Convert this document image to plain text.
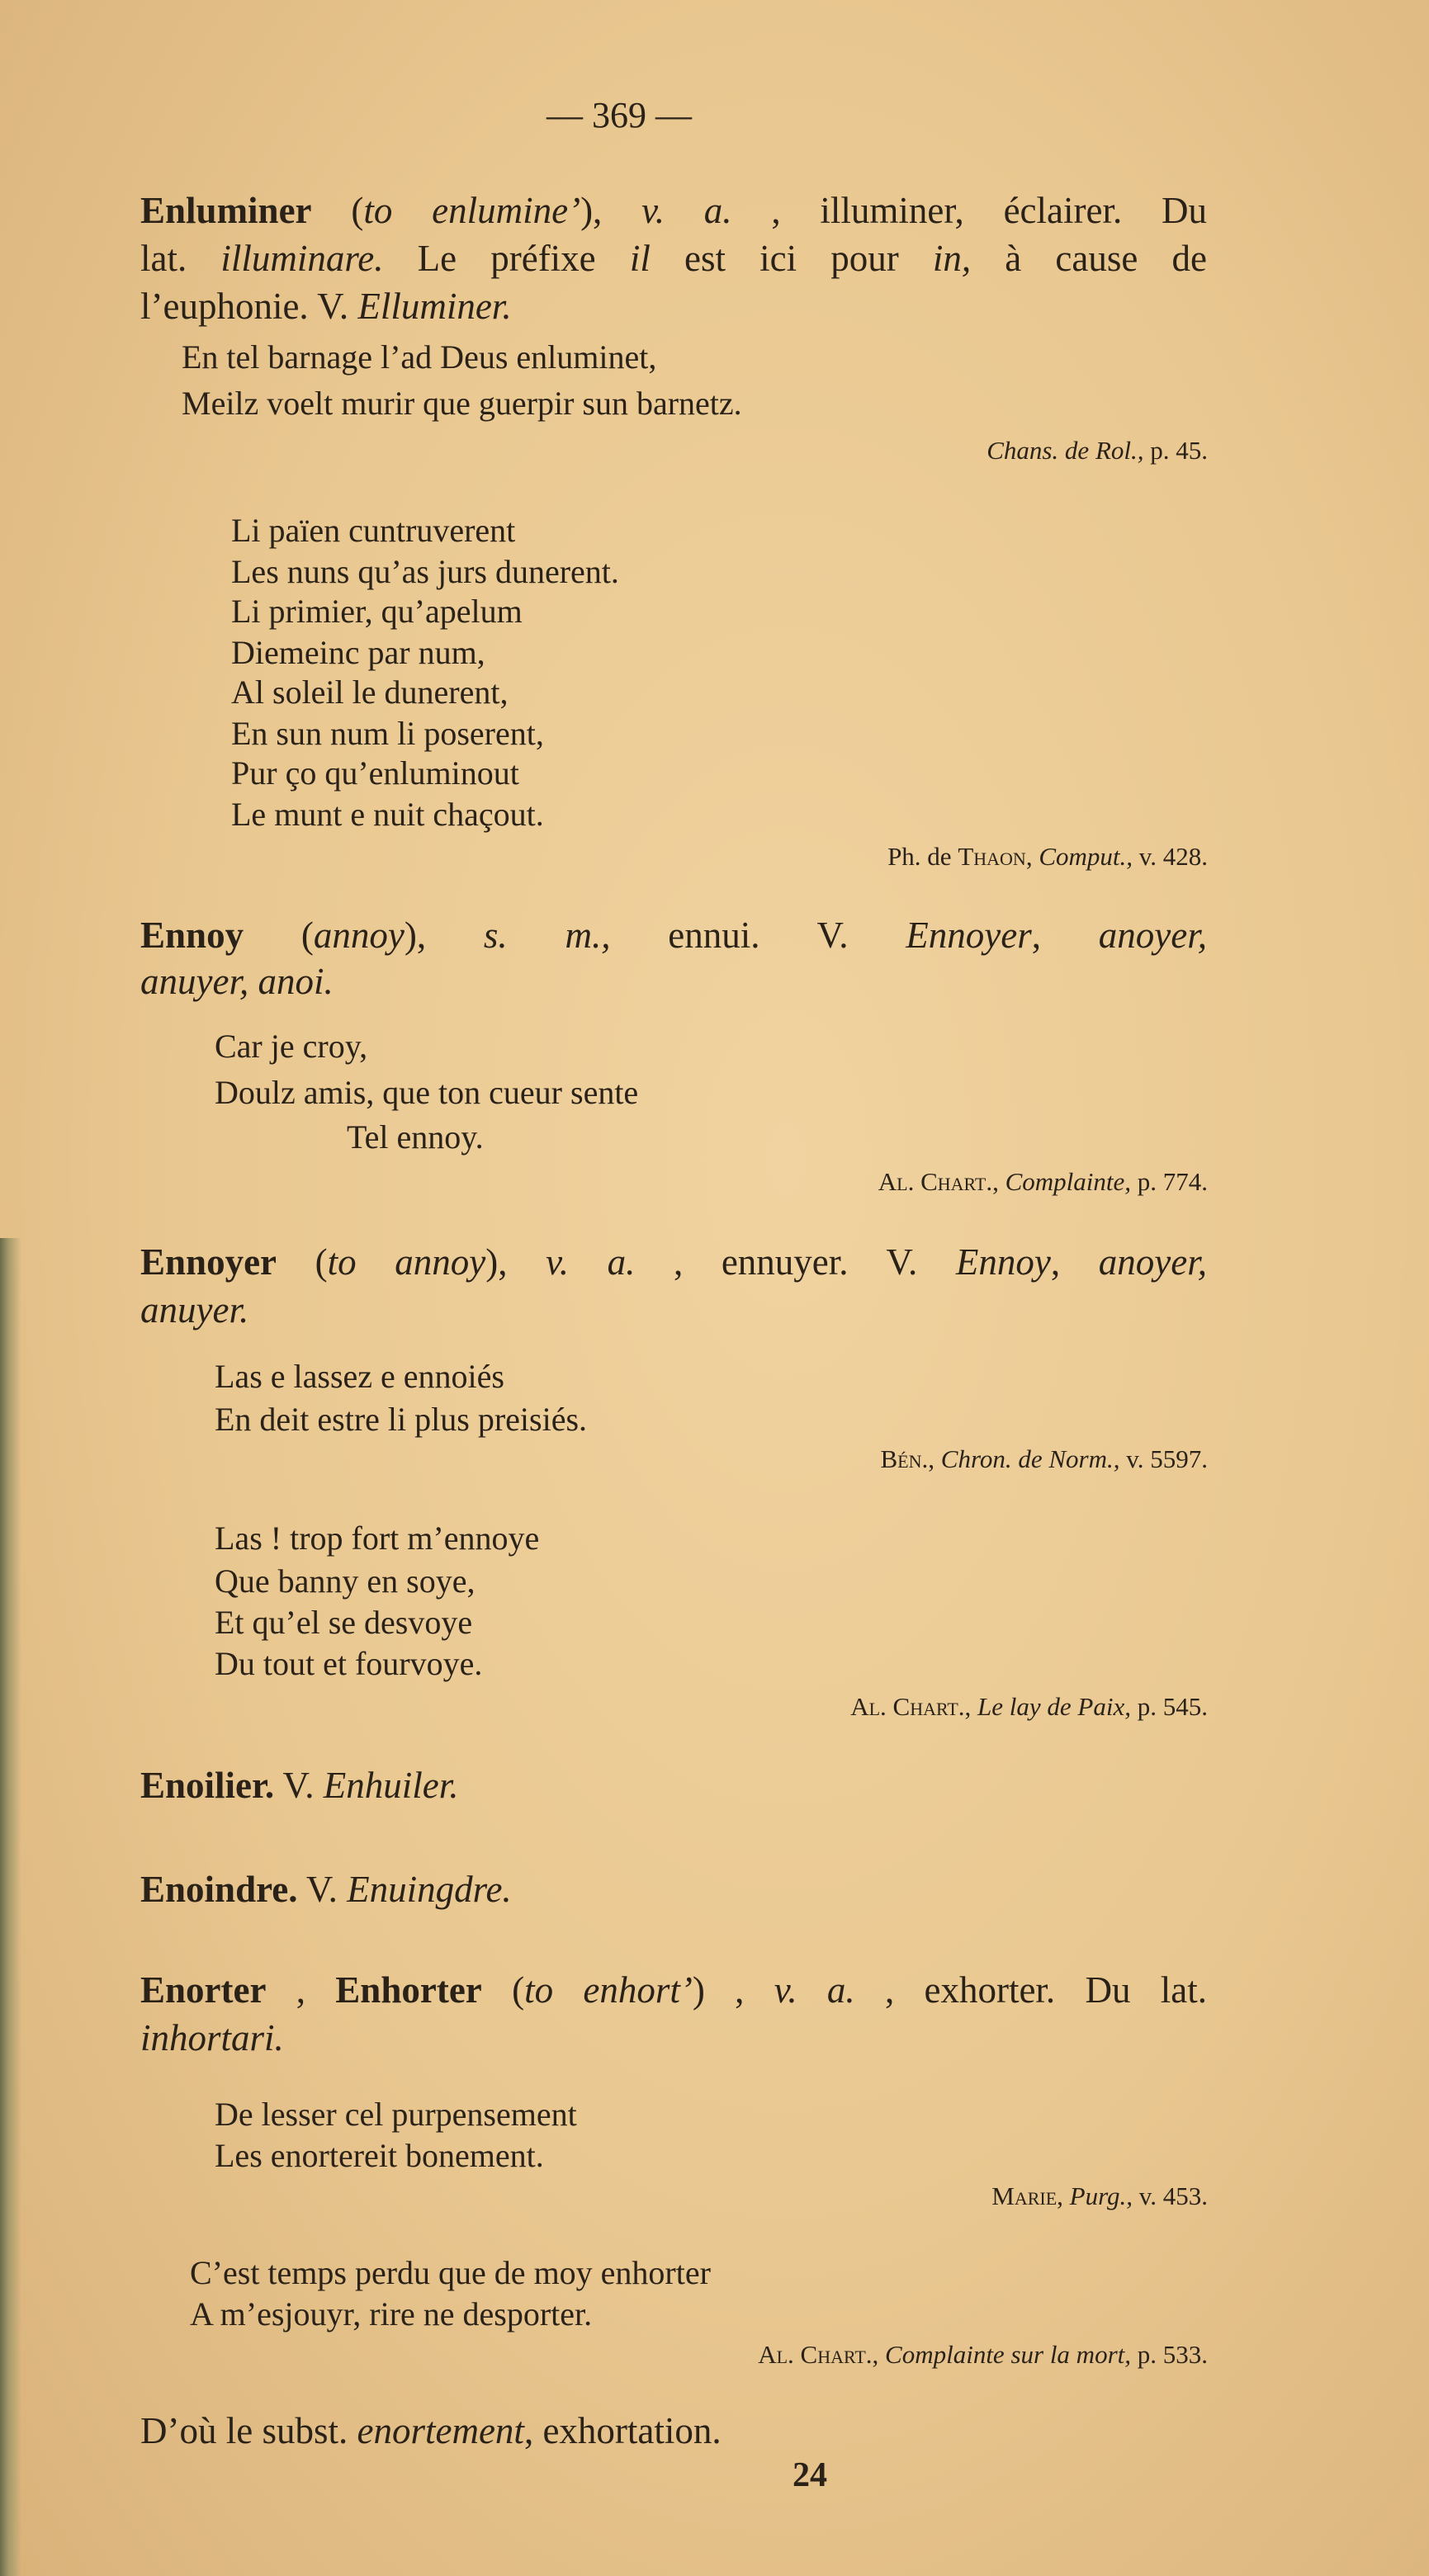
— 369 —
Enluminer (to enlumine’), v. a. , illuminer, éclairer. Du
lat. illuminare. Le préfixe il est ici pour in, à cause de
l’euphonie. V. Elluminer.
En tel barnage l’ad Deus enluminet,
Meilz voelt murir que guerpir sun barnetz.
Chans. de Rol., p. 45.
Li païen cuntruverent
Les nuns qu’as jurs dunerent.
Li primier, qu’apelum
Diemeinc par num,
Al soleil le dunerent,
En sun num li poserent,
Pur ço qu’enluminout
Le munt e nuit chaçout.
Ph. de Thaon, Comput., v. 428.
Ennoy (annoy), s. m., ennui. V. Ennoyer, anoyer,
anuyer, anoi.
Car je croy,
Doulz amis, que ton cueur sente
Tel ennoy.
Al. Chart., Complainte, p. 774.
Ennoyer (to annoy), v. a. , ennuyer. V. Ennoy, anoyer,
anuyer.
Las e lassez e ennoiés
En deit estre li plus preisiés.
Bén., Chron. de Norm., v. 5597.
Las ! trop fort m’ennoye
Que banny en soye,
Et qu’el se desvoye
Du tout et fourvoye.
Al. Chart., Le lay de Paix, p. 545.
Enoilier. V. Enhuiler.
Enoindre. V. Enuingdre.
Enorter , Enhorter (to enhort’) , v. a. , exhorter. Du lat.
inhortari.
De lesser cel purpensement
Les enortereit bonement.
Marie, Purg., v. 453.
C’est temps perdu que de moy enhorter
A m’esjouyr, rire ne desporter.
Al. Chart., Complainte sur la mort, p. 533.
D’où le subst. enortement, exhortation.
24
